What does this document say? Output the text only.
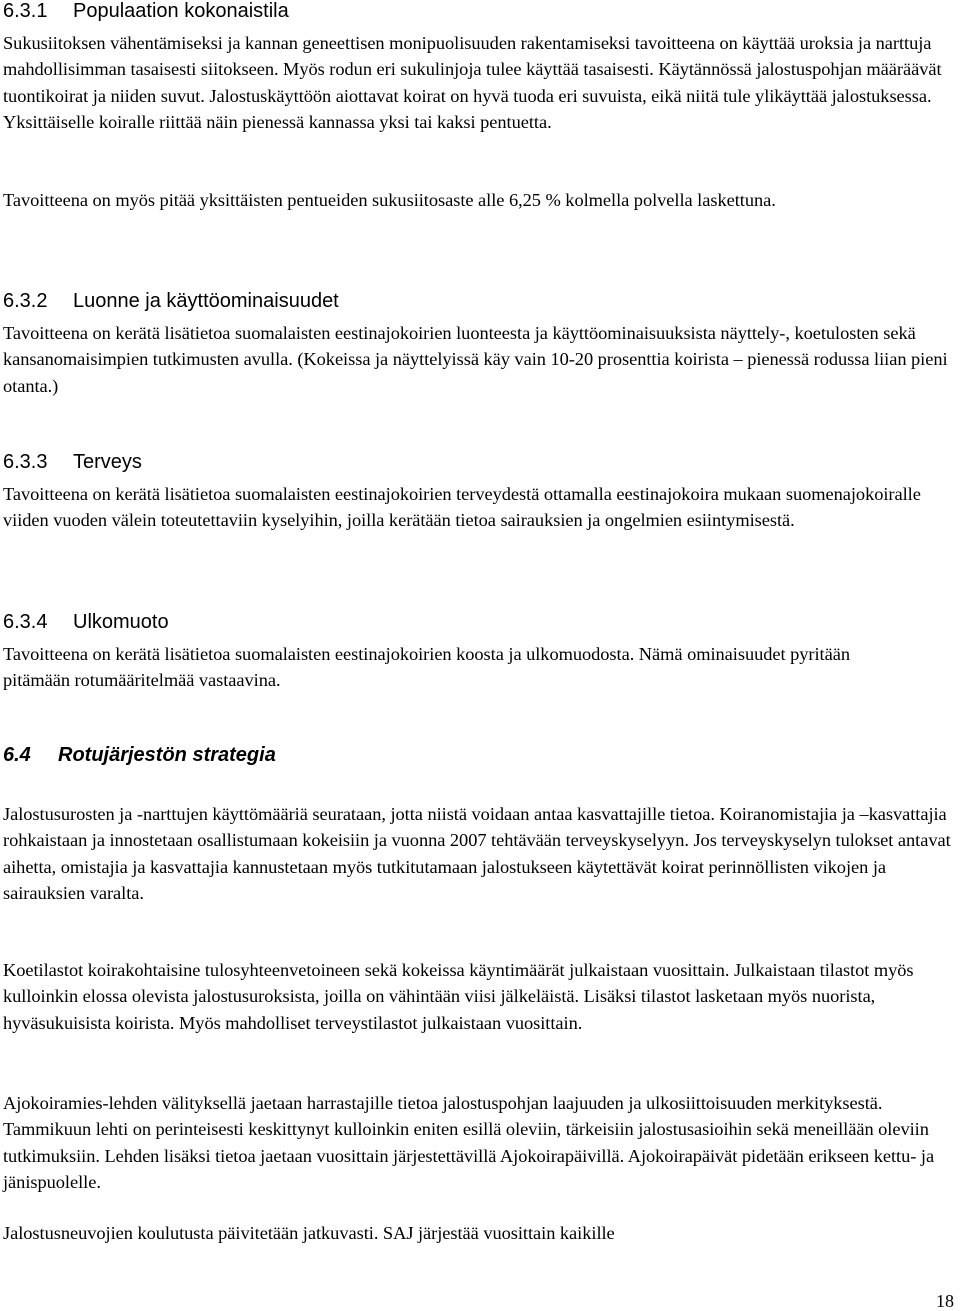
6.3.1 Populaation kokonaistila

Sukusiitoksen vähentämiseksi ja kannan geneettisen monipuolisuuden rakentamiseksi tavoitteena on käyttää uroksia ja narttuja mahdollisimman tasaisesti siitokseen. Myös rodun eri sukulinjoja tulee käyttää tasaisesti. Käytännössä jalostuspohjan määräävät tuontikoirat ja niiden suvut. Jalostuskäyttöön aiottavat koirat on hyvä tuoda eri suvuista, eikä niitä tule ylikäyttää jalostuksessa. Yksittäiselle koiralle riittää näin pienessä kannassa yksi tai kaksi pentuetta.

Tavoitteena on myös pitää yksittäisten pentueiden sukusiitosaste alle 6,25 % kolmella polvella laskettuna.

6.3.2 Luonne ja käyttöominaisuudet

Tavoitteena on kerätä lisätietoa suomalaisten eestinajokoirien luonteesta ja käyttöominaisuuksista näyttely-, koetulosten sekä kansanomaisimpien tutkimusten avulla. (Kokeissa ja näyttelyissä käy vain 10-20 prosenttia koirista – pienessä rodussa liian pieni otanta.)

6.3.3 Terveys

Tavoitteena on kerätä lisätietoa suomalaisten eestinajokoirien terveydestä ottamalla eestinajokoira mukaan suomenajokoiralle viiden vuoden välein toteutettaviin kyselyihin, joilla kerätään tietoa sairauksien ja ongelmien esiintymisestä.

6.3.4 Ulkomuoto

Tavoitteena on kerätä lisätietoa suomalaisten eestinajokoirien koosta ja ulkomuodosta. Nämä ominaisuudet pyritään pitämään rotumääritelmää vastaavina.

6.4 Rotujärjestön strategia

Jalostusurosten ja -narttujen käyttömääriä seurataan, jotta niistä voidaan antaa kasvattajille tietoa. Koiranomistajia ja –kasvattajia rohkaistaan ja innostetaan osallistumaan kokeisiin ja vuonna 2007 tehtävään terveyskyselyyn. Jos terveyskyselyn tulokset antavat aihetta, omistajia ja kasvattajia kannustetaan myös tutkitutamaan jalostukseen käytettävät koirat perinnöllisten vikojen ja sairauksien varalta.

Koetilastot koirakohtaisine tulosyhteenvetoineen sekä kokeissa käyntimäärät julkaistaan vuosittain. Julkaistaan tilastot myös kulloinkin elossa olevista jalostusuroksista, joilla on vähintään viisi jälkeläistä. Lisäksi tilastot lasketaan myös nuorista, hyväsukuisista koirista. Myös mahdolliset terveystilastot julkaistaan vuosittain.

Ajokoiramies-lehden välityksellä jaetaan harrastajille tietoa jalostuspohjan laajuuden ja ulkosiittoisuuden merkityksestä. Tammikuun lehti on perinteisesti keskittynyt kulloinkin eniten esillä oleviin, tärkeisiin jalostusasioihin sekä meneillään oleviin tutkimuksiin. Lehden lisäksi tietoa jaetaan vuosittain järjestettävillä Ajokoirapäivillä. Ajokoirapäivät pidetään erikseen kettu- ja jänispuolelle.

Jalostusneuvojien koulutusta päivitetään jatkuvasti. SAJ järjestää vuosittain kaikille

18
